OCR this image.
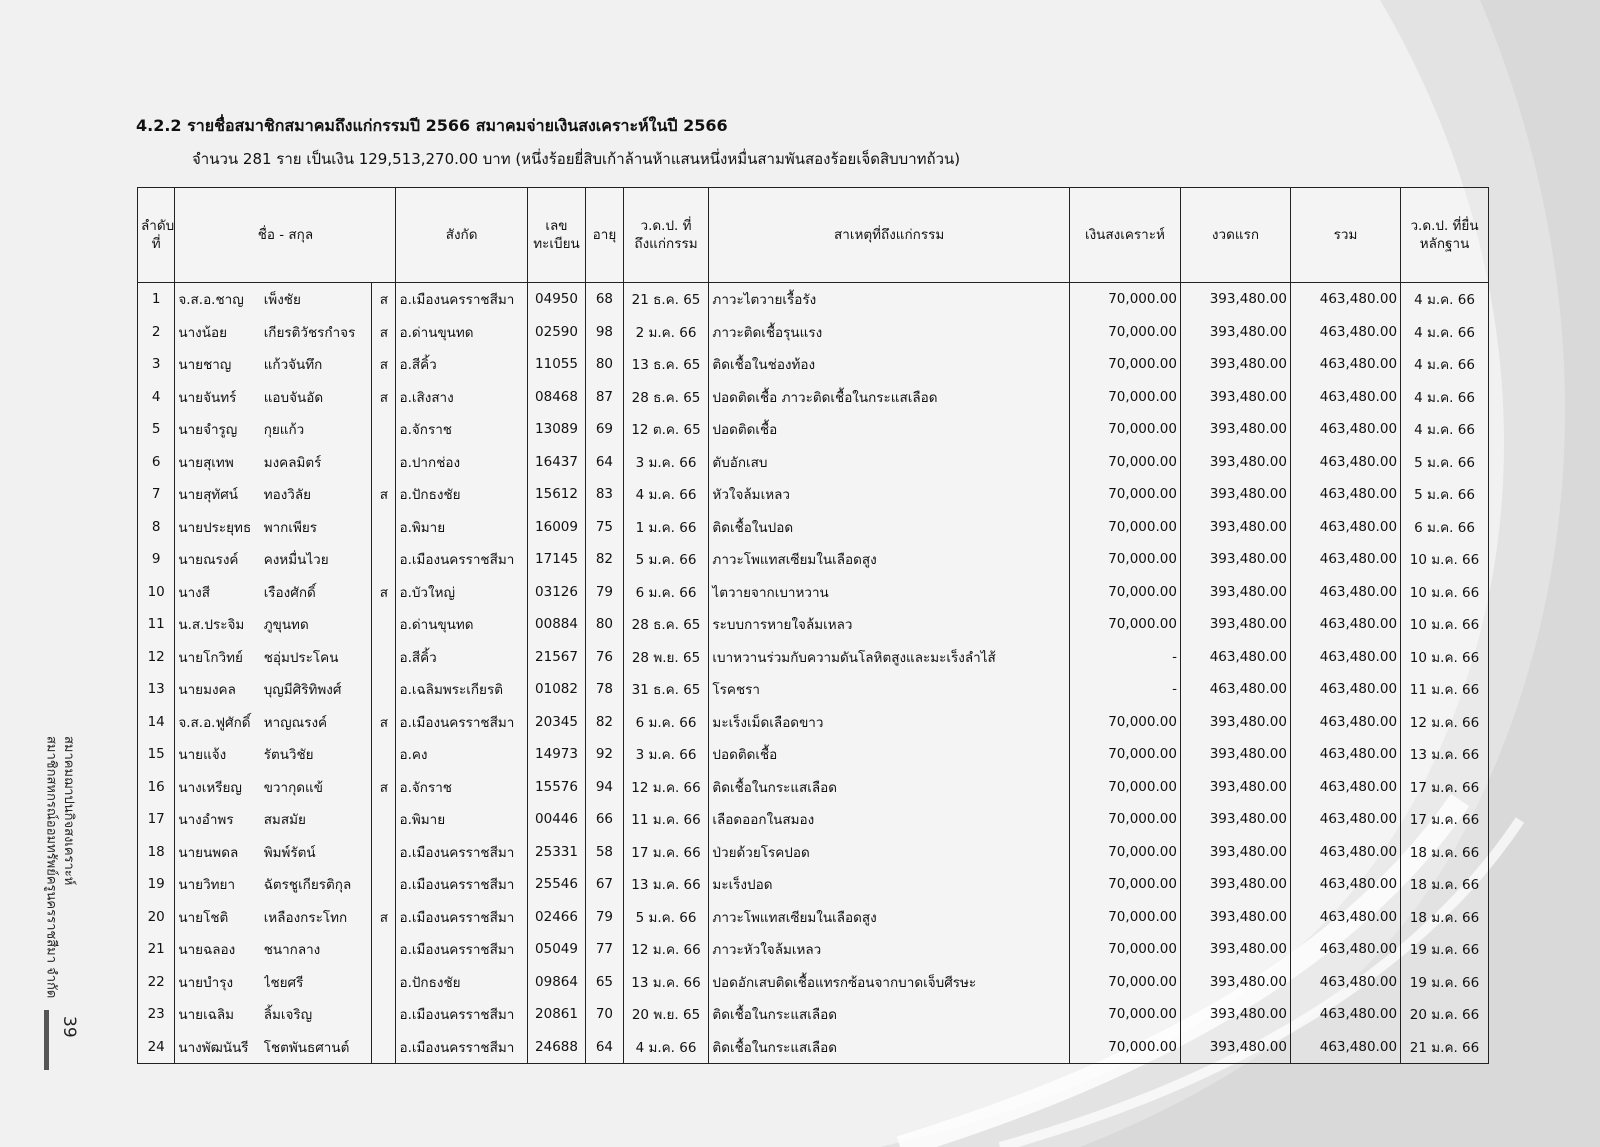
4.2.2 รายชื่อสมาชิกสมาคมถึงแก่กรรมปี 2566 สมาคมจ่ายเงินสงเคราะห์ในปี 2566
จำนวน 281 ราย เป็นเงิน 129,513,270.00 บาท (หนึ่งร้อยยี่สิบเก้าล้านห้าแสนหนึ่งหมื่นสามพันสองร้อยเจ็ดสิบบาทถ้วน)
ลำดับที่	ชื่อ - สกุล			สังกัด	เลขทะเบียน	อายุ	ว.ด.ป. ที่ถึงแก่กรรม	สาเหตุที่ถึงแก่กรรม	เงินสงเคราะห์	งวดแรก	รวม	ว.ด.ป. ที่ยื่นหลักฐาน
1	จ.ส.อ.ชาญ	เพ็งชัย	ส	อ.เมืองนครราชสีมา	04950	68	21 ธ.ค. 65	ภาวะไตวายเรื้อรัง	70,000.00	393,480.00	463,480.00	4 ม.ค. 66
2	นางน้อย	เกียรติวัชรกำจร	ส	อ.ด่านขุนทด	02590	98	2 ม.ค. 66	ภาวะติดเชื้อรุนแรง	70,000.00	393,480.00	463,480.00	4 ม.ค. 66
3	นายชาญ	แก้วจันทึก	ส	อ.สีคิ้ว	11055	80	13 ธ.ค. 65	ติดเชื้อในช่องท้อง	70,000.00	393,480.00	463,480.00	4 ม.ค. 66
4	นายจันทร์	แอบจันอัด	ส	อ.เสิงสาง	08468	87	28 ธ.ค. 65	ปอดติดเชื้อ ภาวะติดเชื้อในกระแสเลือด	70,000.00	393,480.00	463,480.00	4 ม.ค. 66
5	นายจำรูญ	กุยแก้ว		อ.จักราช	13089	69	12 ต.ค. 65	ปอดติดเชื้อ	70,000.00	393,480.00	463,480.00	4 ม.ค. 66
6	นายสุเทพ	มงคลมิตร์		อ.ปากช่อง	16437	64	3 ม.ค. 66	ตับอักเสบ	70,000.00	393,480.00	463,480.00	5 ม.ค. 66
7	นายสุทัศน์	ทองวิลัย	ส	อ.ปักธงชัย	15612	83	4 ม.ค. 66	หัวใจล้มเหลว	70,000.00	393,480.00	463,480.00	5 ม.ค. 66
8	นายประยุทธ	พากเพียร		อ.พิมาย	16009	75	1 ม.ค. 66	ติดเชื้อในปอด	70,000.00	393,480.00	463,480.00	6 ม.ค. 66
9	นายณรงค์	คงหมื่นไวย		อ.เมืองนครราชสีมา	17145	82	5 ม.ค. 66	ภาวะโพแทสเซียมในเลือดสูง	70,000.00	393,480.00	463,480.00	10 ม.ค. 66
10	นางสี	เรืองศักดิ์	ส	อ.บัวใหญ่	03126	79	6 ม.ค. 66	ไตวายจากเบาหวาน	70,000.00	393,480.00	463,480.00	10 ม.ค. 66
11	น.ส.ประจิม	ภูขุนทด		อ.ด่านขุนทด	00884	80	28 ธ.ค. 65	ระบบการหายใจล้มเหลว	70,000.00	393,480.00	463,480.00	10 ม.ค. 66
12	นายโกวิทย์	ชอุ่มประโคน		อ.สีคิ้ว	21567	76	28 พ.ย. 65	เบาหวานร่วมกับความดันโลหิตสูงและมะเร็งลำไส้	-	463,480.00	463,480.00	10 ม.ค. 66
13	นายมงคล	บุญมีศิริทิพงศ์		อ.เฉลิมพระเกียรติ	01082	78	31 ธ.ค. 65	โรคชรา	-	463,480.00	463,480.00	11 ม.ค. 66
14	จ.ส.อ.ฟูศักดิ์	หาญณรงค์	ส	อ.เมืองนครราชสีมา	20345	82	6 ม.ค. 66	มะเร็งเม็ดเลือดขาว	70,000.00	393,480.00	463,480.00	12 ม.ค. 66
15	นายแจ้ง	รัตนวิชัย		อ.คง	14973	92	3 ม.ค. 66	ปอดติดเชื้อ	70,000.00	393,480.00	463,480.00	13 ม.ค. 66
16	นางเหรียญ	ขวากุดแข้	ส	อ.จักราช	15576	94	12 ม.ค. 66	ติดเชื้อในกระแสเลือด	70,000.00	393,480.00	463,480.00	17 ม.ค. 66
17	นางอำพร	สมสมัย		อ.พิมาย	00446	66	11 ม.ค. 66	เลือดออกในสมอง	70,000.00	393,480.00	463,480.00	17 ม.ค. 66
18	นายนพดล	พิมพ์รัตน์		อ.เมืองนครราชสีมา	25331	58	17 ม.ค. 66	ป่วยด้วยโรคปอด	70,000.00	393,480.00	463,480.00	18 ม.ค. 66
19	นายวิทยา	ฉัตรชูเกียรติกุล		อ.เมืองนครราชสีมา	25546	67	13 ม.ค. 66	มะเร็งปอด	70,000.00	393,480.00	463,480.00	18 ม.ค. 66
20	นายโชติ	เหลืองกระโทก	ส	อ.เมืองนครราชสีมา	02466	79	5 ม.ค. 66	ภาวะโพแทสเซียมในเลือดสูง	70,000.00	393,480.00	463,480.00	18 ม.ค. 66
21	นายฉลอง	ชนากลาง		อ.เมืองนครราชสีมา	05049	77	12 ม.ค. 66	ภาวะหัวใจล้มเหลว	70,000.00	393,480.00	463,480.00	19 ม.ค. 66
22	นายบำรุง	ไชยศรี		อ.ปักธงชัย	09864	65	13 ม.ค. 66	ปอดอักเสบติดเชื้อแทรกซ้อนจากบาดเจ็บศีรษะ	70,000.00	393,480.00	463,480.00	19 ม.ค. 66
23	นายเฉลิม	ลิ้มเจริญ		อ.เมืองนครราชสีมา	20861	70	20 พ.ย. 65	ติดเชื้อในกระแสเลือด	70,000.00	393,480.00	463,480.00	20 ม.ค. 66
24	นางพัฒนันรี	โชตพันธศานต์		อ.เมืองนครราชสีมา	24688	64	4 ม.ค. 66	ติดเชื้อในกระแสเลือด	70,000.00	393,480.00	463,480.00	21 ม.ค. 66
สมาคมฌาปนกิจสงเคราะห์
สมาชิกสหกรณ์ออมทรัพย์ครูนครราชสีมา จำกัด
39
